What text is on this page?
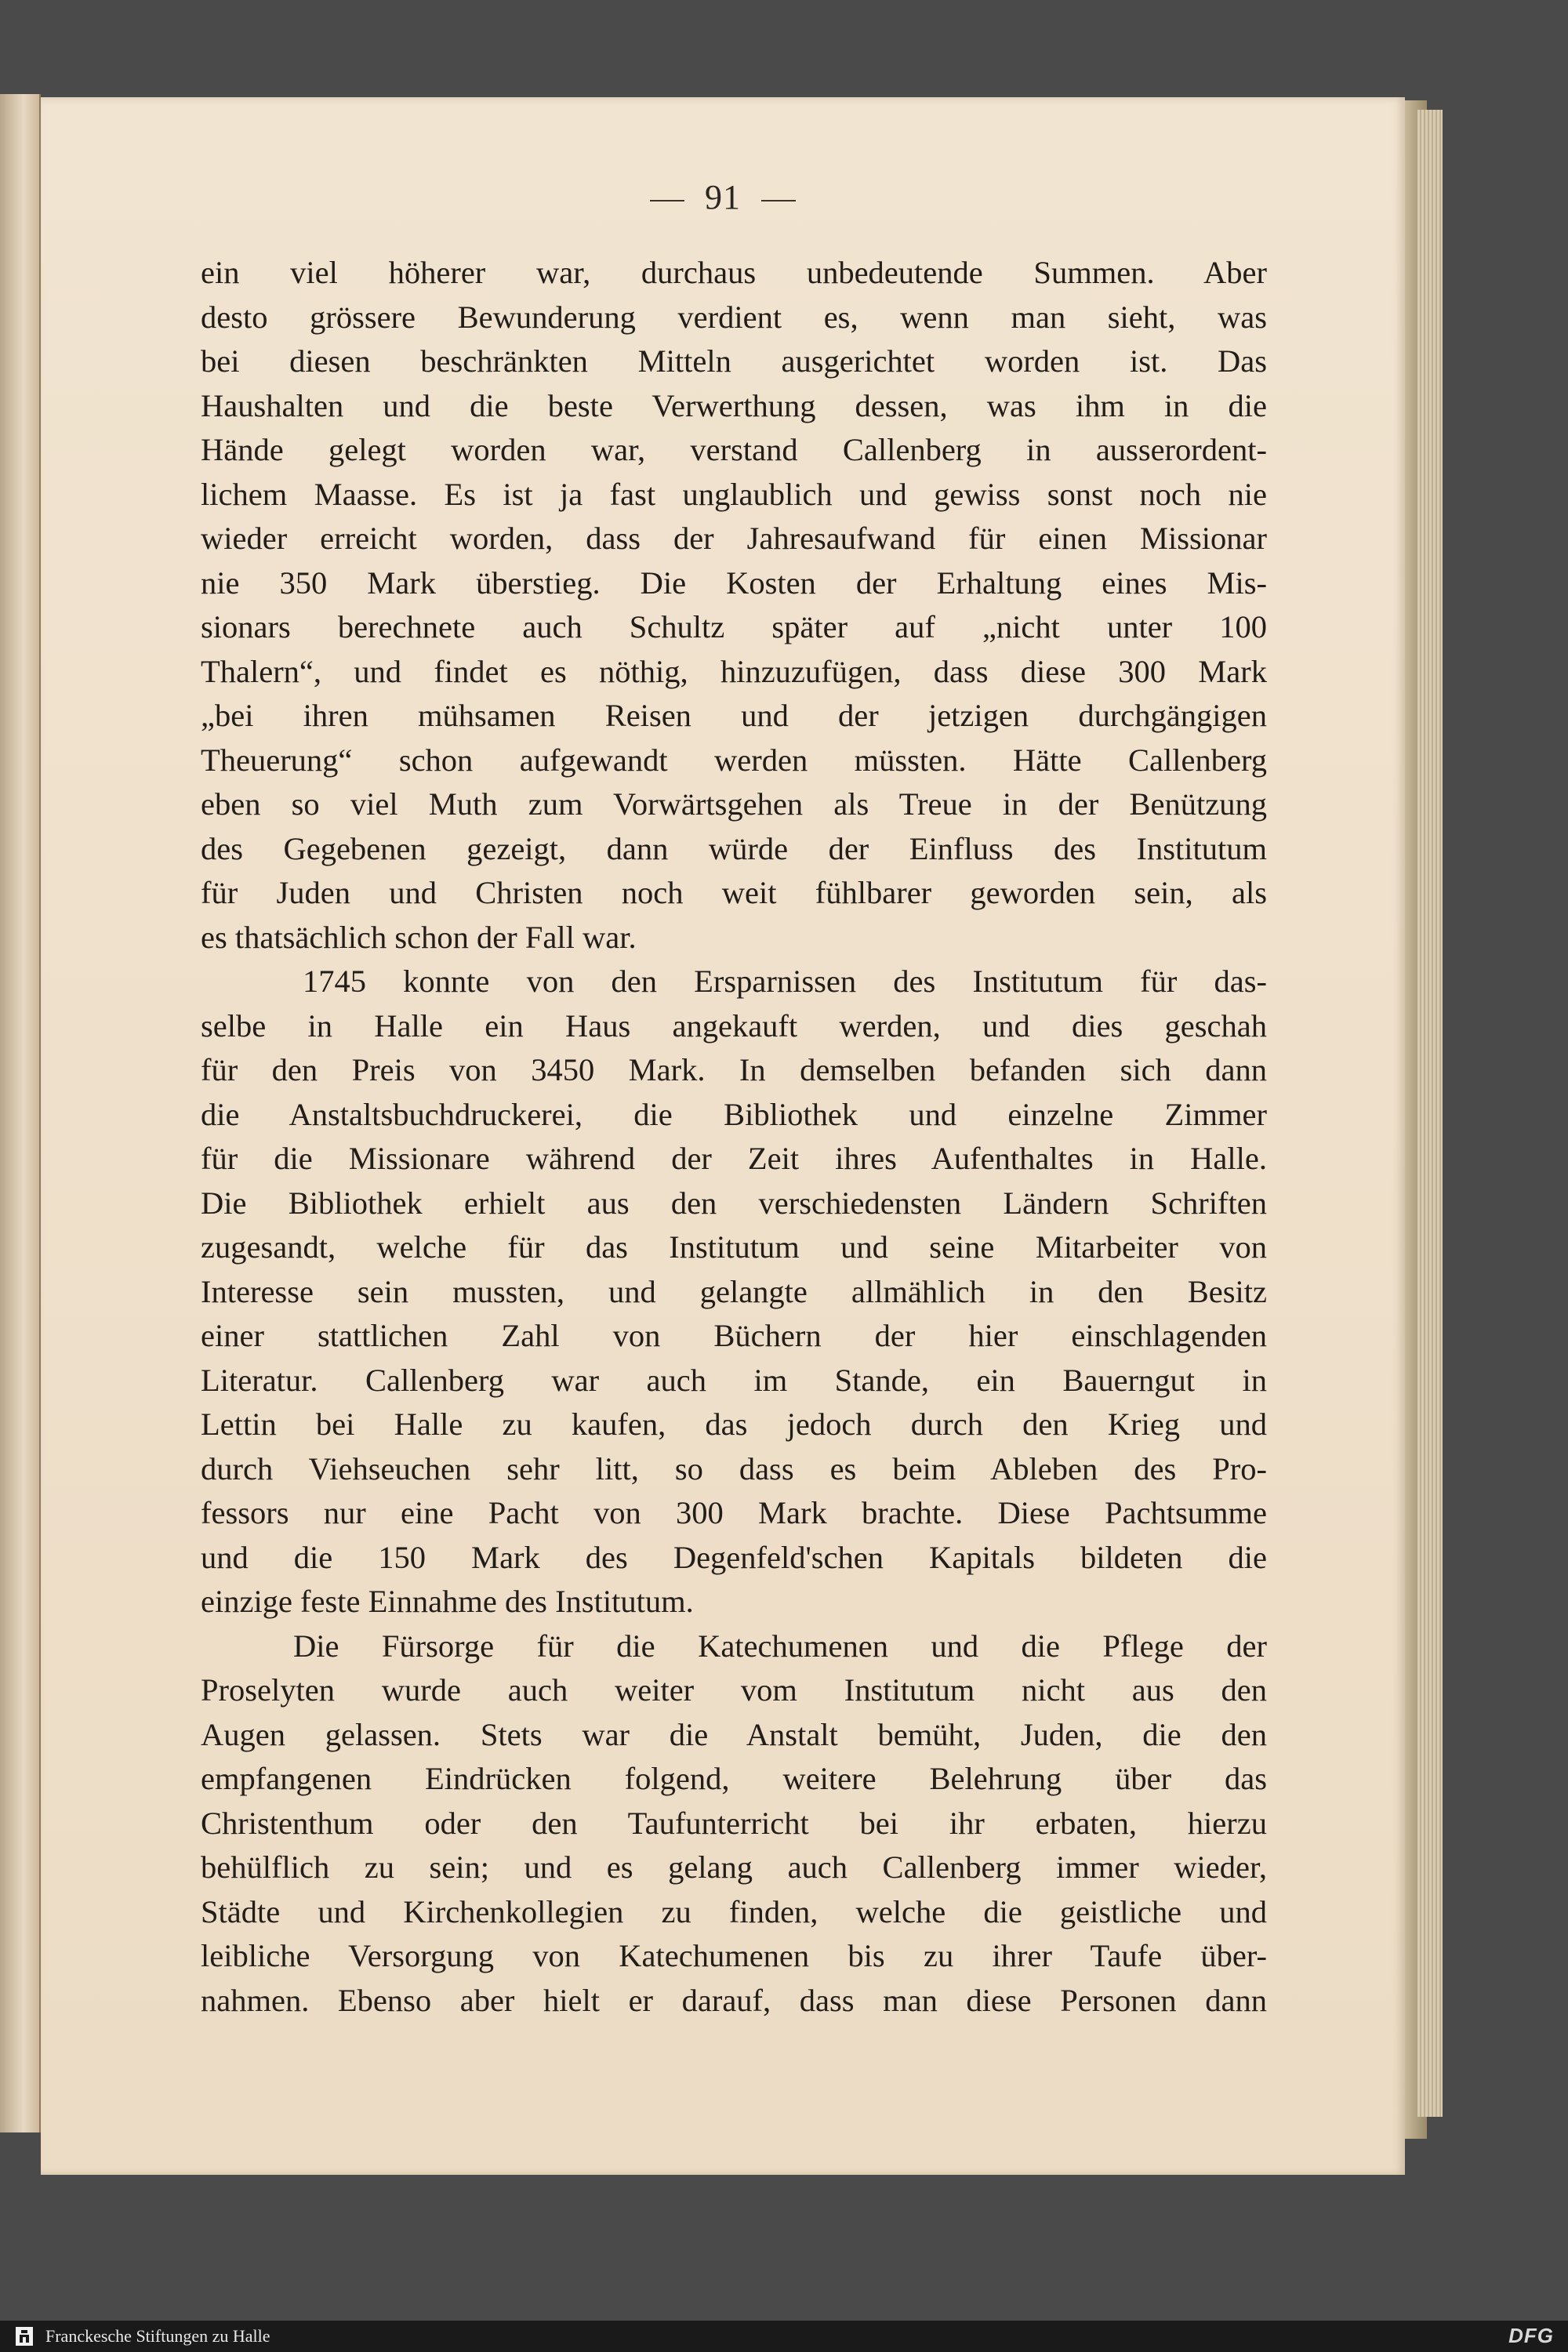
91
ein viel höherer war, durchaus unbedeutende Summen. Aber
desto grössere Bewunderung verdient es, wenn man sieht, was
bei diesen beschränkten Mitteln ausgerichtet worden ist. Das
Haushalten und die beste Verwerthung dessen, was ihm in die
Hände gelegt worden war, verstand Callenberg in ausserordent-
lichem Maasse. Es ist ja fast unglaublich und gewiss sonst noch nie
wieder erreicht worden, dass der Jahresaufwand für einen Missionar
nie 350 Mark überstieg. Die Kosten der Erhaltung eines Mis-
sionars berechnete auch Schultz später auf „nicht unter 100
Thalern“, und findet es nöthig, hinzuzufügen, dass diese 300 Mark
„bei ihren mühsamen Reisen und der jetzigen durchgängigen
Theuerung“ schon aufgewandt werden müssten. Hätte Callenberg
eben so viel Muth zum Vorwärtsgehen als Treue in der Benützung
des Gegebenen gezeigt, dann würde der Einfluss des Institutum
für Juden und Christen noch weit fühlbarer geworden sein, als
es thatsächlich schon der Fall war.
1745 konnte von den Ersparnissen des Institutum für das-
selbe in Halle ein Haus angekauft werden, und dies geschah
für den Preis von 3450 Mark. In demselben befanden sich dann
die Anstaltsbuchdruckerei, die Bibliothek und einzelne Zimmer
für die Missionare während der Zeit ihres Aufenthaltes in Halle.
Die Bibliothek erhielt aus den verschiedensten Ländern Schriften
zugesandt, welche für das Institutum und seine Mitarbeiter von
Interesse sein mussten, und gelangte allmählich in den Besitz
einer stattlichen Zahl von Büchern der hier einschlagenden
Literatur. Callenberg war auch im Stande, ein Bauerngut in
Lettin bei Halle zu kaufen, das jedoch durch den Krieg und
durch Viehseuchen sehr litt, so dass es beim Ableben des Pro-
fessors nur eine Pacht von 300 Mark brachte. Diese Pachtsumme
und die 150 Mark des Degenfeld'schen Kapitals bildeten die
einzige feste Einnahme des Institutum.
Die Fürsorge für die Katechumenen und die Pflege der
Proselyten wurde auch weiter vom Institutum nicht aus den
Augen gelassen. Stets war die Anstalt bemüht, Juden, die den
empfangenen Eindrücken folgend, weitere Belehrung über das
Christenthum oder den Taufunterricht bei ihr erbaten, hierzu
behülflich zu sein; und es gelang auch Callenberg immer wieder,
Städte und Kirchenkollegien zu finden, welche die geistliche und
leibliche Versorgung von Katechumenen bis zu ihrer Taufe über-
nahmen. Ebenso aber hielt er darauf, dass man diese Personen dann
Franckesche Stiftungen zu Halle	DFG
